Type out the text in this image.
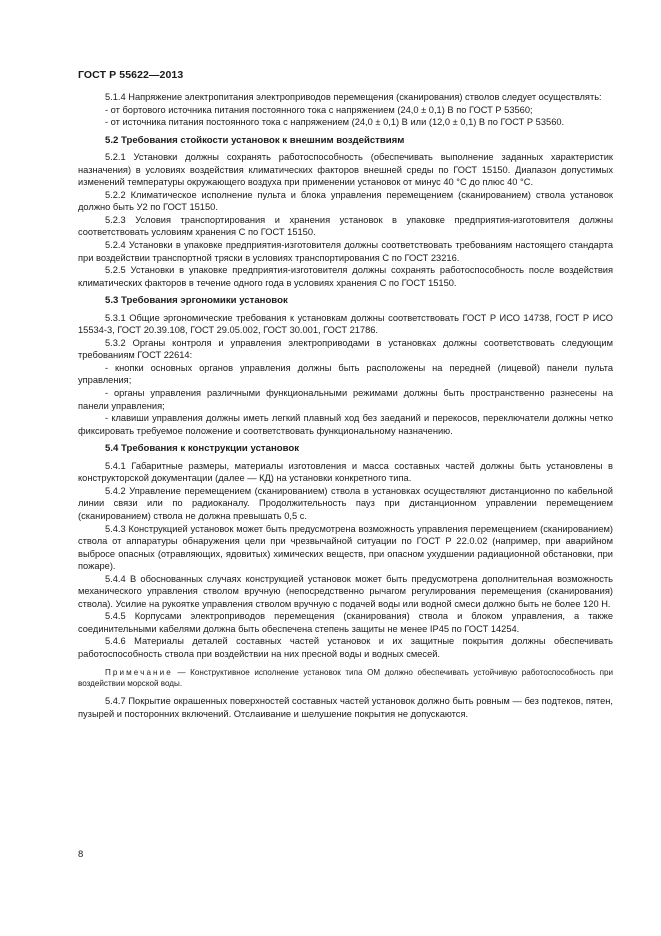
ГОСТ Р 55622—2013
5.1.4 Напряжение электропитания электроприводов перемещения (сканирования) стволов следует осуществлять:
- от бортового источника питания постоянного тока с напряжением (24,0 ± 0,1) В по ГОСТ Р 53560;
- от источника питания постоянного тока с напряжением (24,0 ± 0,1) В или (12,0 ± 0,1) В по ГОСТ Р 53560.
5.2 Требования стойкости установок к внешним воздействиям
5.2.1 Установки должны сохранять работоспособность (обеспечивать выполнение заданных характеристик назначения) в условиях воздействия климатических факторов внешней среды по ГОСТ 15150. Диапазон допустимых изменений температуры окружающего воздуха при применении установок от минус 40 °С до плюс 40 °С.
5.2.2 Климатическое исполнение пульта и блока управления перемещением (сканированием) ствола установок должно быть У2 по ГОСТ 15150.
5.2.3 Условия транспортирования и хранения установок в упаковке предприятия-изготовителя должны соответствовать условиям хранения С по ГОСТ 15150.
5.2.4 Установки в упаковке предприятия-изготовителя должны соответствовать требованиям настоящего стандарта при воздействии транспортной тряски в условиях транспортирования С по ГОСТ 23216.
5.2.5 Установки в упаковке предприятия-изготовителя должны сохранять работоспособность после воздействия климатических факторов в течение одного года в условиях хранения С по ГОСТ 15150.
5.3 Требования эргономики установок
5.3.1 Общие эргономические требования к установкам должны соответствовать ГОСТ Р ИСО 14738, ГОСТ Р ИСО 15534-3, ГОСТ 20.39.108, ГОСТ 29.05.002, ГОСТ 30.001, ГОСТ 21786.
5.3.2 Органы контроля и управления электроприводами в установках должны соответствовать следующим требованиям ГОСТ 22614:
- кнопки основных органов управления должны быть расположены на передней (лицевой) панели пульта управления;
- органы управления различными функциональными режимами должны быть пространственно разнесены на панели управления;
- клавиши управления должны иметь легкий плавный ход без заеданий и перекосов, переключатели должны четко фиксировать требуемое положение и соответствовать функциональному назначению.
5.4 Требования к конструкции установок
5.4.1 Габаритные размеры, материалы изготовления и масса составных частей должны быть установлены в конструкторской документации (далее — КД) на установки конкретного типа.
5.4.2 Управление перемещением (сканированием) ствола в установках осуществляют дистанционно по кабельной линии связи или по радиоканалу. Продолжительность пауз при дистанционном управлении перемещением (сканированием) ствола не должна превышать 0,5 с.
5.4.3 Конструкцией установок может быть предусмотрена возможность управления перемещением (сканированием) ствола от аппаратуры обнаружения цели при чрезвычайной ситуации по ГОСТ Р 22.0.02 (например, при аварийном выбросе опасных (отравляющих, ядовитых) химических веществ, при опасном ухудшении радиационной обстановки, при пожаре).
5.4.4 В обоснованных случаях конструкцией установок может быть предусмотрена дополнительная возможность механического управления стволом вручную (непосредственно рычагом регулирования перемещения (сканирования) ствола). Усилие на рукоятке управления стволом вручную с подачей воды или водной смеси должно быть не более 120 Н.
5.4.5 Корпусами электроприводов перемещения (сканирования) ствола и блоком управления, а также соединительными кабелями должна быть обеспечена степень защиты не менее IP45 по ГОСТ 14254.
5.4.6 Материалы деталей составных частей установок и их защитные покрытия должны обеспечивать работоспособность ствола при воздействии на них пресной воды и водных смесей.
Примечание — Конструктивное исполнение установок типа ОМ должно обеспечивать устойчивую работоспособность при воздействии морской воды.
5.4.7 Покрытие окрашенных поверхностей составных частей установок должно быть ровным — без подтеков, пятен, пузырей и посторонних включений. Отслаивание и шелушение покрытия не допускаются.
8
